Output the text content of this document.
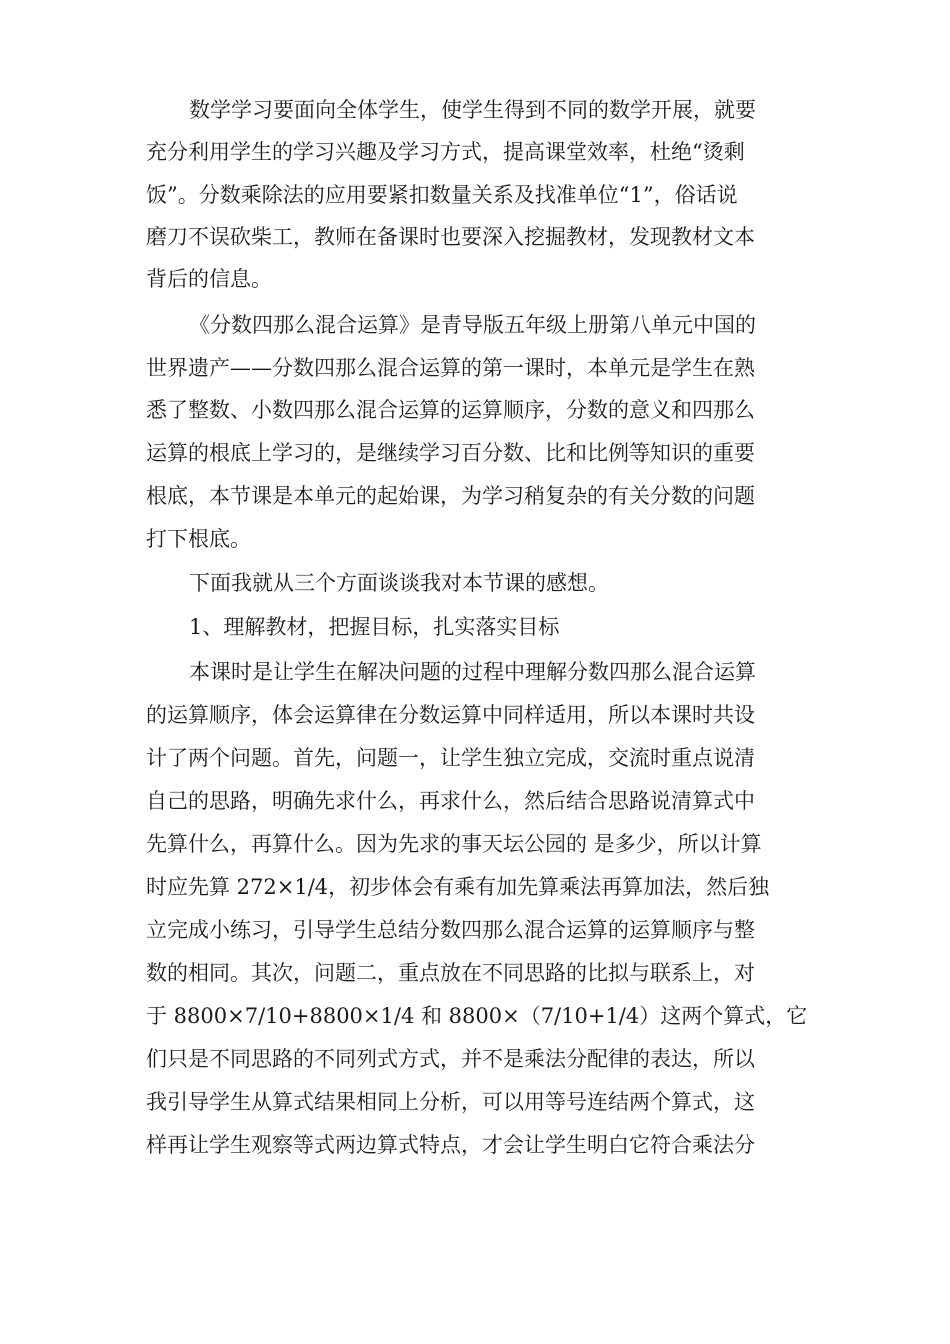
数学学习要面向全体学生，使学生得到不同的数学开展，就要
充分利用学生的学习兴趣及学习方式，提高课堂效率，杜绝“烫剩
饭”。分数乘除法的应用要紧扣数量关系及找准单位“1”，俗话说
磨刀不误砍柴工，教师在备课时也要深入挖掘教材，发现教材文本
背后的信息。
《分数四那么混合运算》是青导版五年级上册第八单元中国的
世界遗产——分数四那么混合运算的第一课时，本单元是学生在熟
悉了整数、小数四那么混合运算的运算顺序，分数的意义和四那么
运算的根底上学习的，是继续学习百分数、比和比例等知识的重要
根底，本节课是本单元的起始课，为学习稍复杂的有关分数的问题
打下根底。
下面我就从三个方面谈谈我对本节课的感想。
1、理解教材，把握目标，扎实落实目标
本课时是让学生在解决问题的过程中理解分数四那么混合运算
的运算顺序，体会运算律在分数运算中同样适用，所以本课时共设
计了两个问题。首先，问题一，让学生独立完成，交流时重点说清
自己的思路，明确先求什么，再求什么，然后结合思路说清算式中
先算什么，再算什么。因为先求的事天坛公园的 是多少，所以计算
时应先算 272×1/4，初步体会有乘有加先算乘法再算加法，然后独
立完成小练习，引导学生总结分数四那么混合运算的运算顺序与整
数的相同。其次，问题二，重点放在不同思路的比拟与联系上，对
于 8800×7/10+8800×1/4 和 8800×（7/10+1/4）这两个算式，它
们只是不同思路的不同列式方式，并不是乘法分配律的表达，所以
我引导学生从算式结果相同上分析，可以用等号连结两个算式，这
样再让学生观察等式两边算式特点，才会让学生明白它符合乘法分
